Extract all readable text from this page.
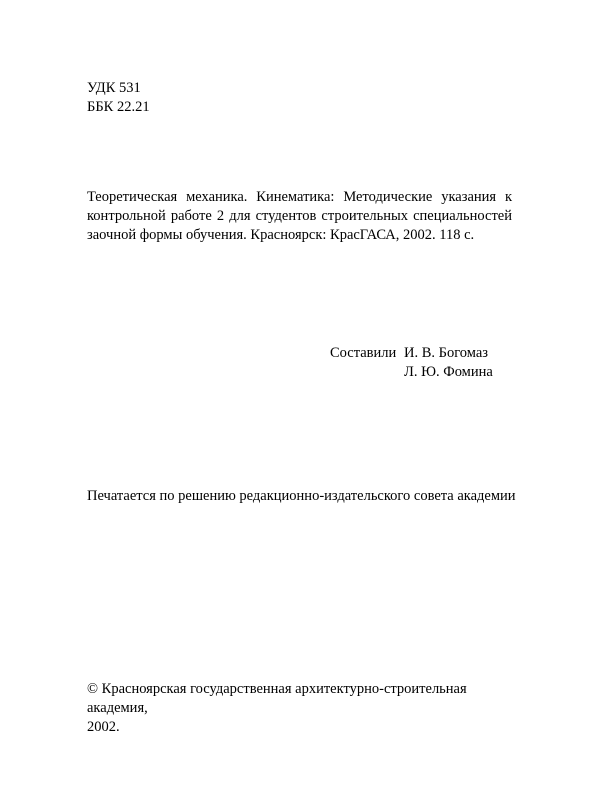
УДК 531
ББК 22.21
Теоретическая механика. Кинематика: Методические указания к
контрольной работе 2 для студентов строительных специальностей
заочной формы обучения. Красноярск: КрасГАСА, 2002. 118 с.
Составили И. В. Богомаз
Л. Ю. Фомина
Печатается по решению редакционно-издательского совета академии
© Красноярская государственная архитектурно-строительная академия,
2002.
